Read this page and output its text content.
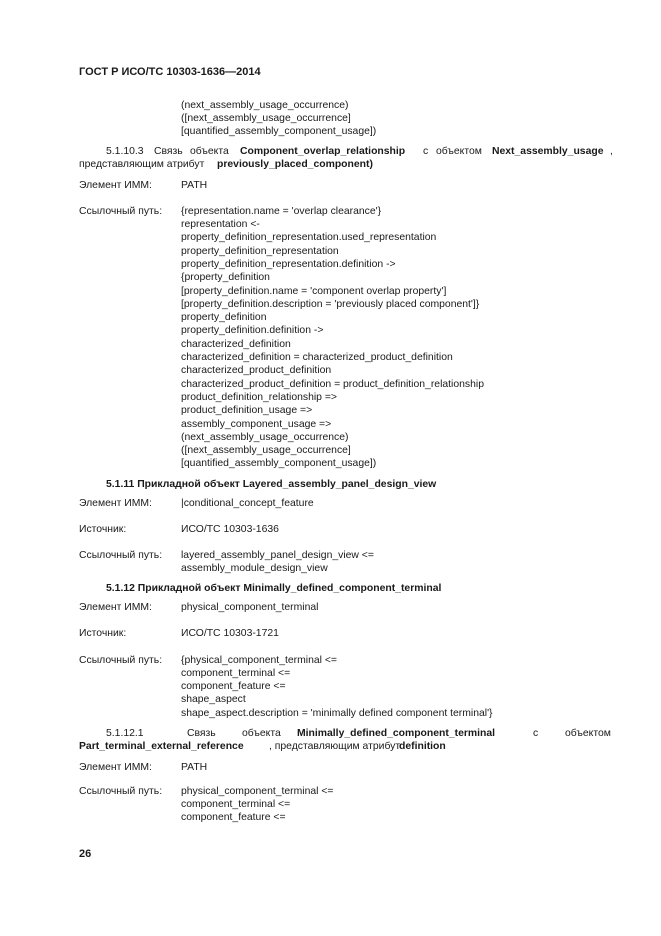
ГОСТ Р ИСО/ТС 10303-1636—2014
(next_assembly_usage_occurrence)
([next_assembly_usage_occurrence]
[quantified_assembly_component_usage])
5.1.10.3 Связь объекта Component_overlap_relationship с объектом Next_assembly_usage ,
представляющим атрибут previously_placed_component)
Элемент ИММ:	PATH
Ссылочный путь: {representation.name = 'overlap clearance'}
representation <-
property_definition_representation.used_representation
property_definition_representation
property_definition_representation.definition ->
{property_definition
[property_definition.name = 'component overlap property']
[property_definition.description = 'previously placed component']}
property_definition
property_definition.definition ->
characterized_definition
characterized_definition = characterized_product_definition
characterized_product_definition
characterized_product_definition = product_definition_relationship
product_definition_relationship =>
product_definition_usage =>
assembly_component_usage =>
(next_assembly_usage_occurrence)
([next_assembly_usage_occurrence]
[quantified_assembly_component_usage])
5.1.11 Прикладной объект Layered_assembly_panel_design_view
Элемент ИММ:	|conditional_concept_feature
Источник:	ИСО/ТС 10303-1636
Ссылочный путь: layered_assembly_panel_design_view <=
assembly_module_design_view
5.1.12 Прикладной объект Minimally_defined_component_terminal
Элемент ИММ:	physical_component_terminal
Источник:	ИСО/ТС 10303-1721
Ссылочный путь: {physical_component_terminal <=
component_terminal <=
component_feature <=
shape_aspect
shape_aspect.description = 'minimally defined component terminal'}
5.1.12.1	Связь	объекта Minimally_defined_component_terminal	с	объектом
Part_terminal_external_reference , представляющим атрибут
definition
Элемент ИММ:	PATH
Ссылочный путь: physical_component_terminal <=
component_terminal <=
component_feature <=
26
